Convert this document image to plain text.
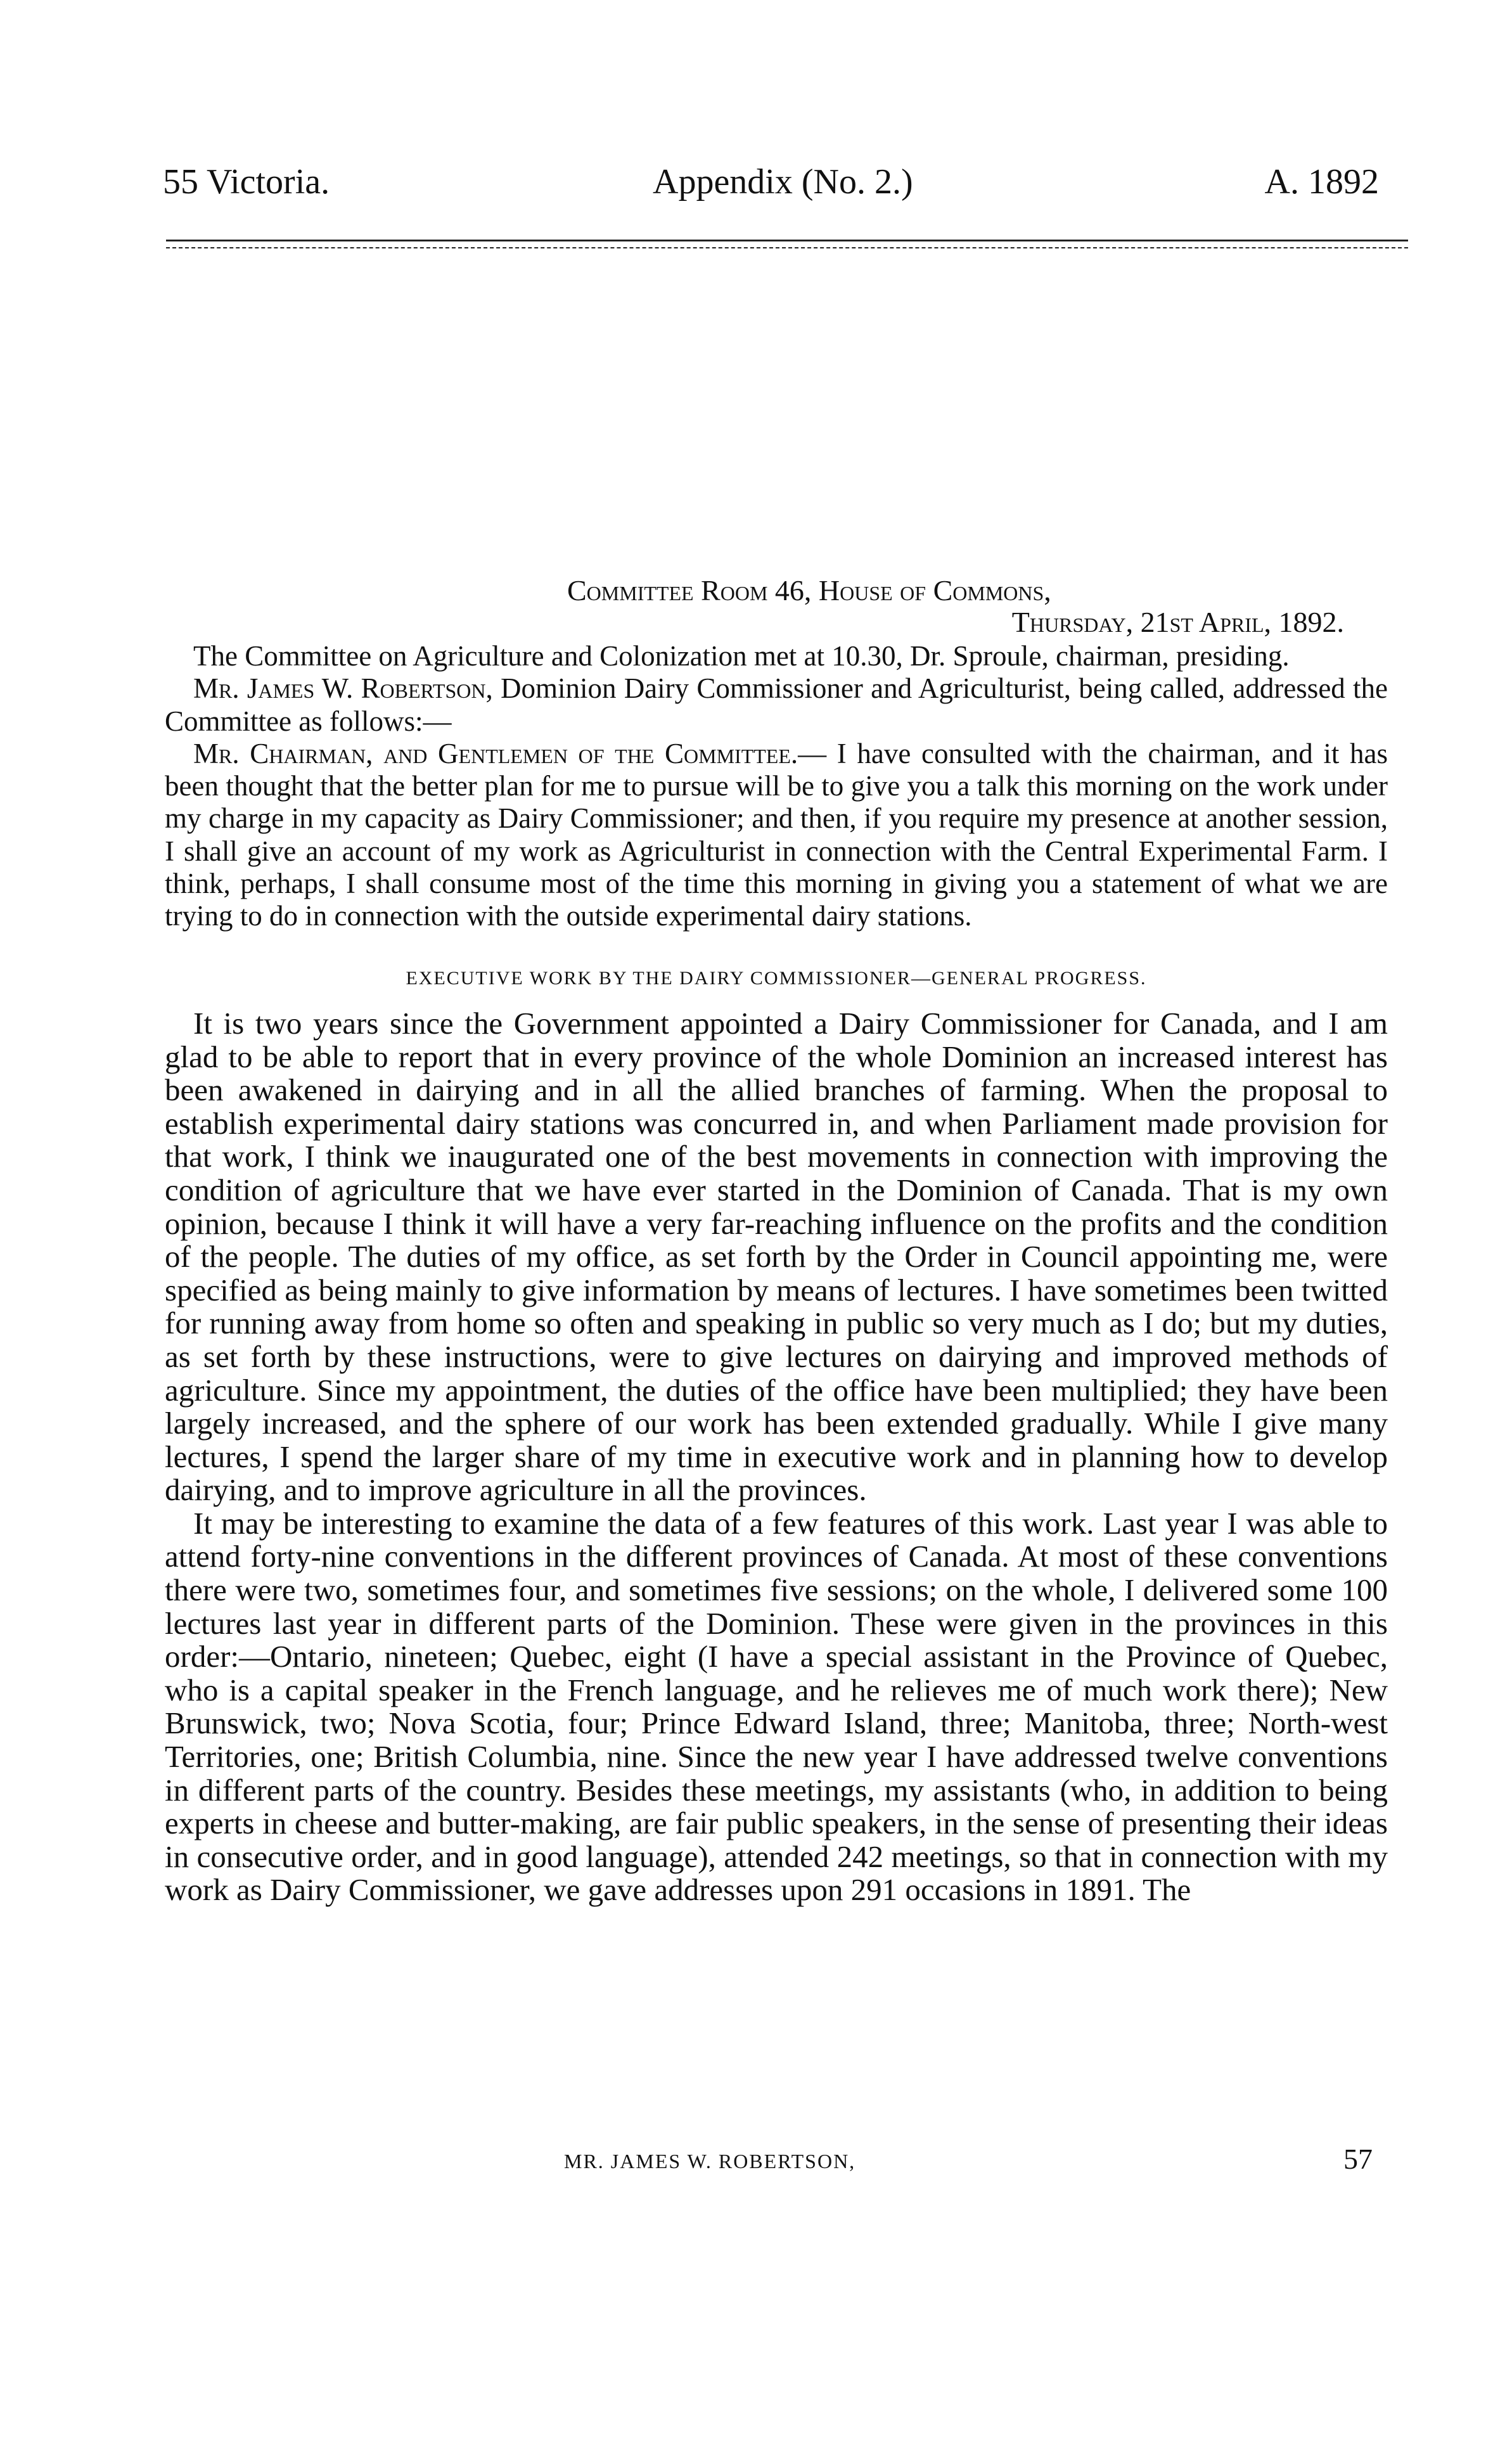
55 Victoria.	Appendix (No. 2.)	A. 1892
Committee Room 46, House of Commons,
Thursday, 21st April, 1892.

The Committee on Agriculture and Colonization met at 10.30, Dr. Sproule, chairman, presiding.

Mr. James W. Robertson, Dominion Dairy Commissioner and Agriculturist, being called, addressed the Committee as follows:—

Mr. Chairman, and Gentlemen of the Committee.— I have consulted with the chairman, and it has been thought that the better plan for me to pursue will be to give you a talk this morning on the work under my charge in my capacity as Dairy Commissioner; and then, if you require my presence at another session, I shall give an account of my work as Agriculturist in connection with the Central Experimental Farm. I think, perhaps, I shall consume most of the time this morning in giving you a statement of what we are trying to do in connection with the outside experimental dairy stations.

EXECUTIVE WORK BY THE DAIRY COMMISSIONER—GENERAL PROGRESS.

It is two years since the Government appointed a Dairy Commissioner for Canada, and I am glad to be able to report that in every province of the whole Dominion an increased interest has been awakened in dairying and in all the allied branches of farming. When the proposal to establish experimental dairy stations was concurred in, and when Parliament made provision for that work, I think we inaugurated one of the best movements in connection with improving the condition of agriculture that we have ever started in the Dominion of Canada. That is my own opinion, because I think it will have a very far-reaching influence on the profits and the condition of the people. The duties of my office, as set forth by the Order in Council appointing me, were specified as being mainly to give information by means of lectures. I have sometimes been twitted for running away from home so often and speaking in public so very much as I do; but my duties, as set forth by these instructions, were to give lectures on dairying and improved methods of agriculture. Since my appointment, the duties of the office have been multiplied; they have been largely increased, and the sphere of our work has been extended gradually. While I give many lectures, I spend the larger share of my time in executive work and in planning how to develop dairying, and to improve agriculture in all the provinces.

It may be interesting to examine the data of a few features of this work. Last year I was able to attend forty-nine conventions in the different provinces of Canada. At most of these conventions there were two, sometimes four, and sometimes five sessions; on the whole, I delivered some 100 lectures last year in different parts of the Dominion. These were given in the provinces in this order:—Ontario, nineteen; Quebec, eight (I have a special assistant in the Province of Quebec, who is a capital speaker in the French language, and he relieves me of much work there); New Brunswick, two; Nova Scotia, four; Prince Edward Island, three; Manitoba, three; North-west Territories, one; British Columbia, nine. Since the new year I have addressed twelve conventions in different parts of the country. Besides these meetings, my assistants (who, in addition to being experts in cheese and butter-making, are fair public speakers, in the sense of presenting their ideas in consecutive order, and in good language), attended 242 meetings, so that in connection with my work as Dairy Commissioner, we gave addresses upon 291 occasions in 1891. The

MR. JAMES W. ROBERTSON,	57
